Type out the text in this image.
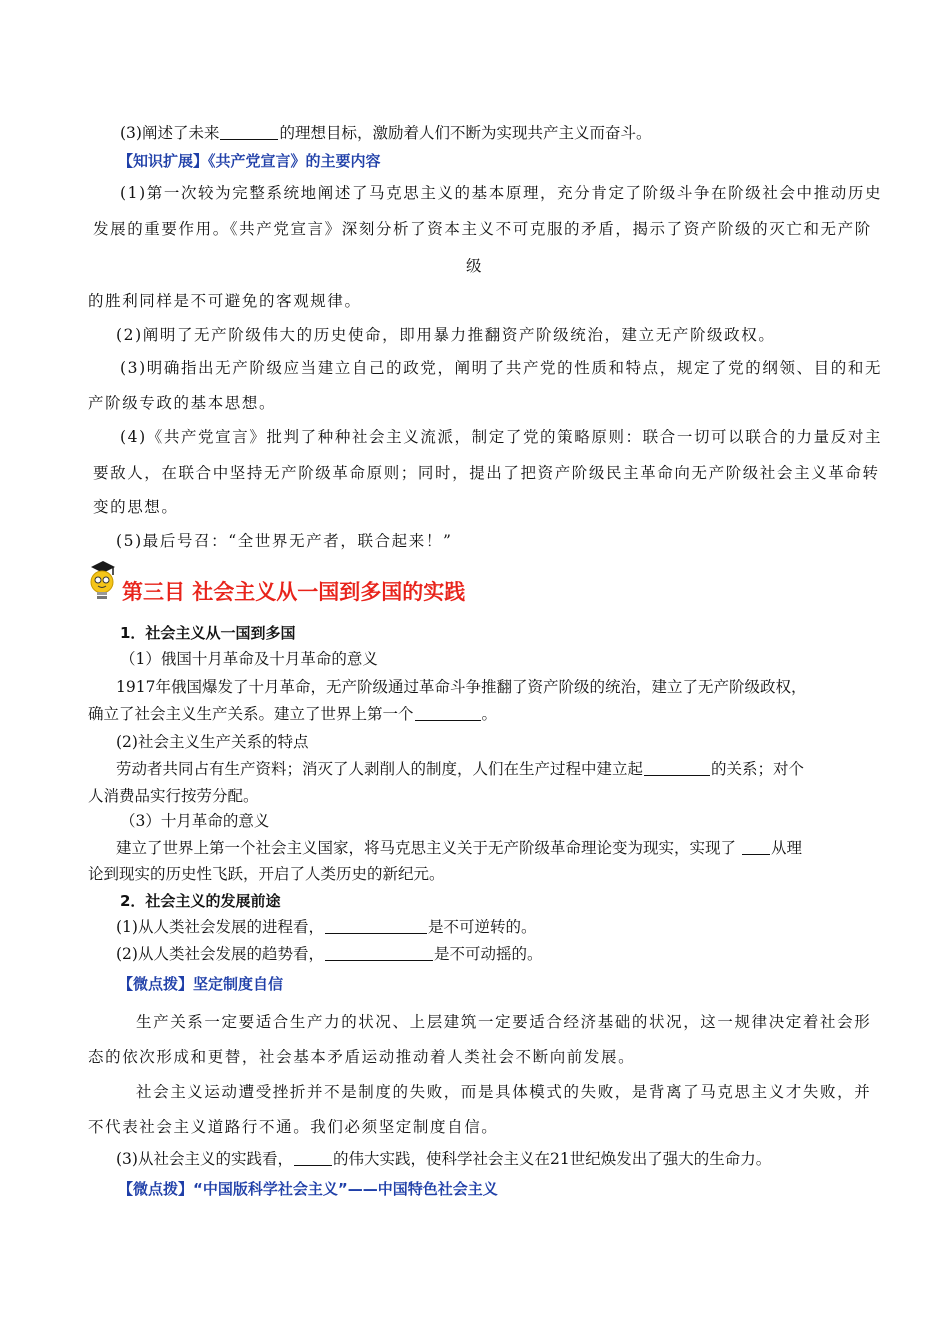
(3)阐述了未来	的理想目标，激励着人们不断为实现共产主义而奋斗。
【知识扩展】《共产党宣言》的主要内容
(1)第一次较为完整系统地阐述了马克思主义的基本原理，充分肯定了阶级斗争在阶级社会中推动历史
发展的重要作用。《共产党宣言》深刻分析了资本主义不可克服的矛盾，揭示了资产阶级的灭亡和无产阶
级
的胜利同样是不可避免的客观规律。
(2)阐明了无产阶级伟大的历史使命，即用暴力推翻资产阶级统治，建立无产阶级政权。
(3)明确指出无产阶级应当建立自己的政党，阐明了共产党的性质和特点，规定了党的纲领、目的和无
产阶级专政的基本思想。
(4)《共产党宣言》批判了种种社会主义流派，制定了党的策略原则：联合一切可以联合的力量反对主
要敌人，在联合中坚持无产阶级革命原则；同时，提出了把资产阶级民主革命向无产阶级社会主义革命转
变的思想。
(5)最后号召：“全世界无产者，联合起来！”
第三目 社会主义从一国到多国的实践
1．社会主义从一国到多国
（1）俄国十月革命及十月革命的意义
1917年俄国爆发了十月革命，无产阶级通过革命斗争推翻了资产阶级的统治，建立了无产阶级政权，
确立了社会主义生产关系。建立了世界上第一个	。
(2)社会主义生产关系的特点
劳动者共同占有生产资料；消灭了人剥削人的制度，人们在生产过程中建立起	的关系；对个
人消费品实行按劳分配。
（3）十月革命的意义
建立了世界上第一个社会主义国家，将马克思主义关于无产阶级革命理论变为现实，实现了 从理
论到现实的历史性飞跃，开启了人类历史的新纪元。
2．社会主义的发展前途
(1)从人类社会发展的进程看，	是不可逆转的。
(2)从人类社会发展的趋势看，	是不可动摇的。
【微点拨】坚定制度自信
生产关系一定要适合生产力的状况、上层建筑一定要适合经济基础的状况，这一规律决定着社会形
态的依次形成和更替，社会基本矛盾运动推动着人类社会不断向前发展。
社会主义运动遭受挫折并不是制度的失败，而是具体模式的失败，是背离了马克思主义才失败，并
不代表社会主义道路行不通。我们必须坚定制度自信。
(3)从社会主义的实践看，	的伟大实践，使科学社会主义在21世纪焕发出了强大的生命力。
【微点拨】“中国版科学社会主义”——中国特色社会主义
